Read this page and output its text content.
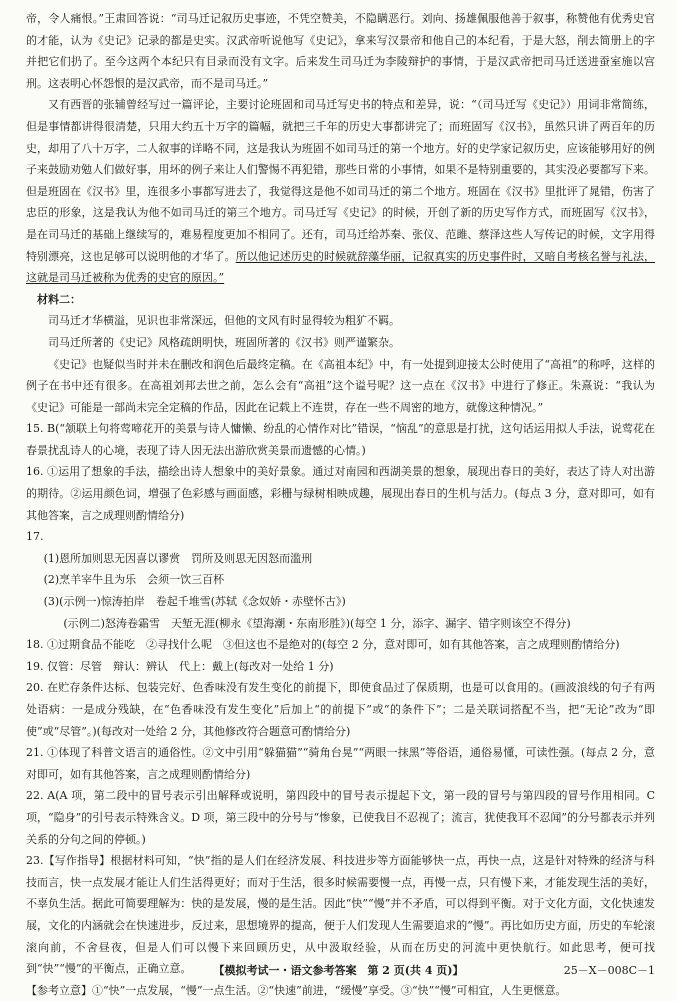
帝，令人痛恨。”王肃回答说：“司马迁记叙历史事迹，不凭空赞美，不隐瞒恶行。刘向、扬雄佩服他善于叙事，称赞他有优秀史官的才能，认为《史记》记录的都是史实。汉武帝听说他写《史记》，拿来写汉景帝和他自己的本纪看，于是大怒，削去简册上的字并把它们扔了。至今这两个本纪只有目录而没有文字。后来发生司马迁为李陵辩护的事情，于是汉武帝把司马迁送进蚕室施以宫刑。这表明心怀怨恨的是汉武帝，而不是司马迁。”

又有西晋的张辅曾经写过一篇评论，主要讨论班固和司马迁写史书的特点和差异，说：“（司马迁写《史记》）用词非常简练，但是事情都讲得很清楚，只用大约五十万字的篇幅，就把三千年的历史大事都讲完了；而班固写《汉书》，虽然只讲了两百年的历史，却用了八十万字，二人叙事的详略不同，这是我认为班固不如司马迁的第一个地方。好的史学家记叙历史，应该能够用好的例子来鼓励劝勉人们做好事，用坏的例子来让人们警惕不再犯错，那些日常的小事情，如果不是特别重要的，其实没必要都写下来。但是班固在《汉书》里，连很多小事都写进去了，我觉得这是他不如司马迁的第二个地方。班固在《汉书》里批评了晁错，伤害了忠臣的形象，这是我认为他不如司马迁的第三个地方。司马迁写《史记》的时候，开创了新的历史写作方式，而班固写《汉书》，是在司马迁的基础上继续写的，难易程度更加不相同了。还有，司马迁给苏秦、张仪、范雎、蔡泽这些人写传记的时候，文字用得特别漂亮，这也足够可以说明他的才华了。所以他记述历史的时候就辞藻华丽，记叙真实的历史事件时，又暗自考核名誉与礼法，这就是司马迁被称为优秀的史官的原因。”

材料二：

司马迁才华横溢，见识也非常深远，但他的文风有时显得较为粗犷不羁。

司马迁所著的《史记》风格疏朗明快，班固所著的《汉书》则严谨繁杂。

《史记》也疑似当时并未在删改和润色后最终定稿。在《高祖本纪》中，有一处提到迎接太公时使用了“高祖”的称呼，这样的例子在书中还有很多。在高祖刘邦去世之前，怎么会有“高祖”这个谥号呢？这一点在《汉书》中进行了修正。朱熹说：“我认为《史记》可能是一部尚未完全定稿的作品，因此在记载上不连贯，存在一些不周密的地方，就像这种情况。”

15. B(“颔联上句将莺啼花开的美景与诗人慵懒、纷乱的心情作对比”错误，“恼乱”的意思是打扰，这句话运用拟人手法，说莺花在春景扰乱诗人的心境，表现了诗人因无法出游欣赏美景而遗憾的心情。)

16. ①运用了想象的手法，描绘出诗人想象中的美好景象。通过对南园和西湖美景的想象，展现出春日的美好，表达了诗人对出游的期待。②运用颜色词，增强了色彩感与画面感，彩栅与绿树相映成趣，展现出春日的生机与活力。(每点 3 分，意对即可，如有其他答案，言之成理则酌情给分)

17.

(1)恩所加则思无因喜以谬赏　罚所及则思无因怒而滥刑

(2)烹羊宰牛且为乐　会须一饮三百杯

(3)(示例一)惊涛拍岸　卷起千堆雪(苏轼《念奴娇・赤壁怀古》)

(示例二)怒涛卷霜雪　天堑无涯(柳永《望海潮・东南形胜》)(每空 1 分，添字、漏字、错字则该空不得分)

18. ①过期食品不能吃　②寻找什么呢　③但这也不是绝对的(每空 2 分，意对即可，如有其他答案，言之成理则酌情给分)

19. 仅管：尽管　辩认：辨认　代上：戴上(每改对一处给 1 分)

20. 在贮存条件达标、包装完好、色香味没有发生变化的前提下，即使食品过了保质期，也是可以食用的。(画波浪线的句子有两处语病：一是成分残缺，在“色香味没有发生变化”后加上“的前提下”或“的条件下”；二是关联词搭配不当，把“无论”改为“即使”或“尽管”。)(每改对一处给 2 分，其他修改符合题意可酌情给分)

21. ①体现了科普文语言的通俗性。②文中引用“躲猫猫”“骑角台晃”“两眼一抹黑”等俗语，通俗易懂，可读性强。(每点 2 分，意对即可，如有其他答案，言之成理则酌情给分)

22. A(A 项，第二段中的冒号表示引出解释或说明，第四段中的冒号表示提起下文，第一段的冒号与第四段的冒号作用相同。C 项，“隐身”的引号表示特殊含义。D 项，第三段中的分号与“惨象，已使我目不忍视了；流言，犹使我耳不忍闻”的分号都表示并列关系的分句之间的停顿。)

23.【写作指导】根据材料可知，“快”指的是人们在经济发展、科技进步等方面能够快一点，再快一点，这是针对特殊的经济与科技而言，快一点发展才能让人们生活得更好；而对于生活，很多时候需要慢一点，再慢一点，只有慢下来，才能发现生活的美好，不辜负生活。据此可简要理解为：快的是发展，慢的是生活。因此“快”“慢”并不矛盾，可以得到平衡。对于文化方面，文化快速发展，文化的内涵就会在快速进步，反过来，思想境界的提高，便于人们发现人生需要追求的“慢”。再比如历史方面，历史的车轮滚滚向前，不舍昼夜，但是人们可以慢下来回顾历史，从中汲取经验，从而在历史的河流中更快航行。如此思考，便可找到“快”“慢”的平衡点，正确立意。

【参考立意】①“快”一点发展，“慢”一点生活。②“快速”前进，“缓慢”享受。③“快”“慢”可相宜，人生更惬意。

【模拟考试一・语文参考答案　第 2 页(共 4 页)】	25－X－008C－1
